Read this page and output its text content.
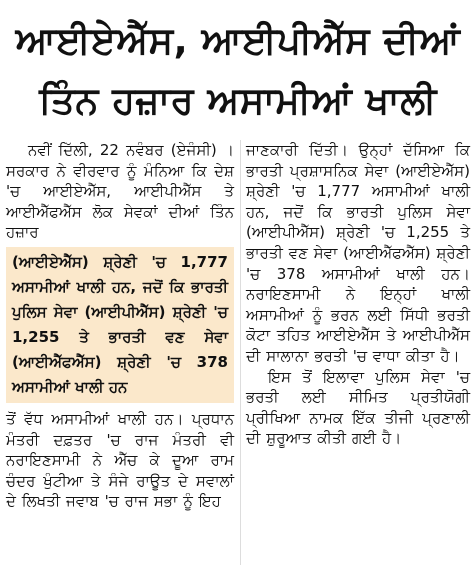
ਆਈਏਐੱਸ, ਆਈਪੀਐੱਸ ਦੀਆਂ
ਤਿੰਨ ਹਜ਼ਾਰ ਅਸਾਮੀਆਂ ਖਾਲੀ

ਨਵੀਂ ਦਿੱਲੀ, 22 ਨਵੰਬਰ (ਏਜੰਸੀ) । ਸਰਕਾਰ ਨੇ ਵੀਰਵਾਰ ਨੂੰ ਮੰਨਿਆ ਕਿ ਦੇਸ਼ 'ਚ ਆਈਏਐੱਸ, ਆਈਪੀਐੱਸ ਤੇ ਆਈਐੱਫਐੱਸ ਲੋਕ ਸੇਵਕਾਂ ਦੀਆਂ ਤਿੰਨ ਹਜ਼ਾਰ

(ਆਈਏਐੱਸ) ਸ਼੍ਰੇਣੀ 'ਚ 1,777 ਅਸਾਮੀਆਂ ਖਾਲੀ ਹਨ, ਜਦੋਂ ਕਿ ਭਾਰਤੀ ਪੁਲਿਸ ਸੇਵਾ (ਆਈਪੀਐੱਸ) ਸ਼੍ਰੇਣੀ 'ਚ 1,255 ਤੇ ਭਾਰਤੀ ਵਣ ਸੇਵਾ (ਆਈਐੱਫਐੱਸ) ਸ਼੍ਰੇਣੀ 'ਚ 378 ਅਸਾਮੀਆਂ ਖਾਲੀ ਹਨ

ਤੋਂ ਵੱਧ ਅਸਾਮੀਆਂ ਖਾਲੀ ਹਨ। ਪ੍ਰਧਾਨ ਮੰਤਰੀ ਦਫ਼ਤਰ 'ਚ ਰਾਜ ਮੰਤਰੀ ਵੀ ਨਰਾਇਣਸਾਮੀ ਨੇ ਐੱਚ ਕੇ ਦੂਆ ਰਾਮ ਚੰਦਰ ਖੁੰਟੀਆ ਤੇ ਸੰਜੇ ਰਾਊਤ ਦੇ ਸਵਾਲਾਂ ਦੇ ਲਿਖਤੀ ਜਵਾਬ 'ਚ ਰਾਜ ਸਭਾ ਨੂੰ ਇਹ

ਜਾਣਕਾਰੀ ਦਿੱਤੀ। ਉਨ੍ਹਾਂ ਦੱਸਿਆ ਕਿ ਭਾਰਤੀ ਪ੍ਰਸ਼ਾਸਨਿਕ ਸੇਵਾ (ਆਈਏਐੱਸ) ਸ਼੍ਰੇਣੀ 'ਚ 1,777 ਅਸਾਮੀਆਂ ਖਾਲੀ ਹਨ, ਜਦੋਂ ਕਿ ਭਾਰਤੀ ਪੁਲਿਸ ਸੇਵਾ (ਆਈਪੀਐੱਸ) ਸ਼੍ਰੇਣੀ 'ਚ 1,255 ਤੇ ਭਾਰਤੀ ਵਣ ਸੇਵਾ (ਆਈਐੱਫਐੱਸ) ਸ਼੍ਰੇਣੀ 'ਚ 378 ਅਸਾਮੀਆਂ ਖਾਲੀ ਹਨ। ਨਰਾਇਣਸਾਮੀ ਨੇ ਇਨ੍ਹਾਂ ਖਾਲੀ ਅਸਾਮੀਆਂ ਨੂੰ ਭਰਨ ਲਈ ਸਿੱਧੀ ਭਰਤੀ ਕੋਟਾ ਤਹਿਤ ਆਈਏਐੱਸ ਤੇ ਆਈਪੀਐੱਸ ਦੀ ਸਾਲਾਨਾ ਭਰਤੀ 'ਚ ਵਾਧਾ ਕੀਤਾ ਹੈ।

ਇਸ ਤੋਂ ਇਲਾਵਾ ਪੁਲਿਸ ਸੇਵਾ 'ਚ ਭਰਤੀ ਲਈ ਸੀਮਿਤ ਪ੍ਰਤੀਯੋਗੀ ਪ੍ਰੀਖਿਆ ਨਾਮਕ ਇੱਕ ਤੀਜੀ ਪ੍ਰਣਾਲੀ ਦੀ ਸ਼ੁਰੂਆਤ ਕੀਤੀ ਗਈ ਹੈ।
